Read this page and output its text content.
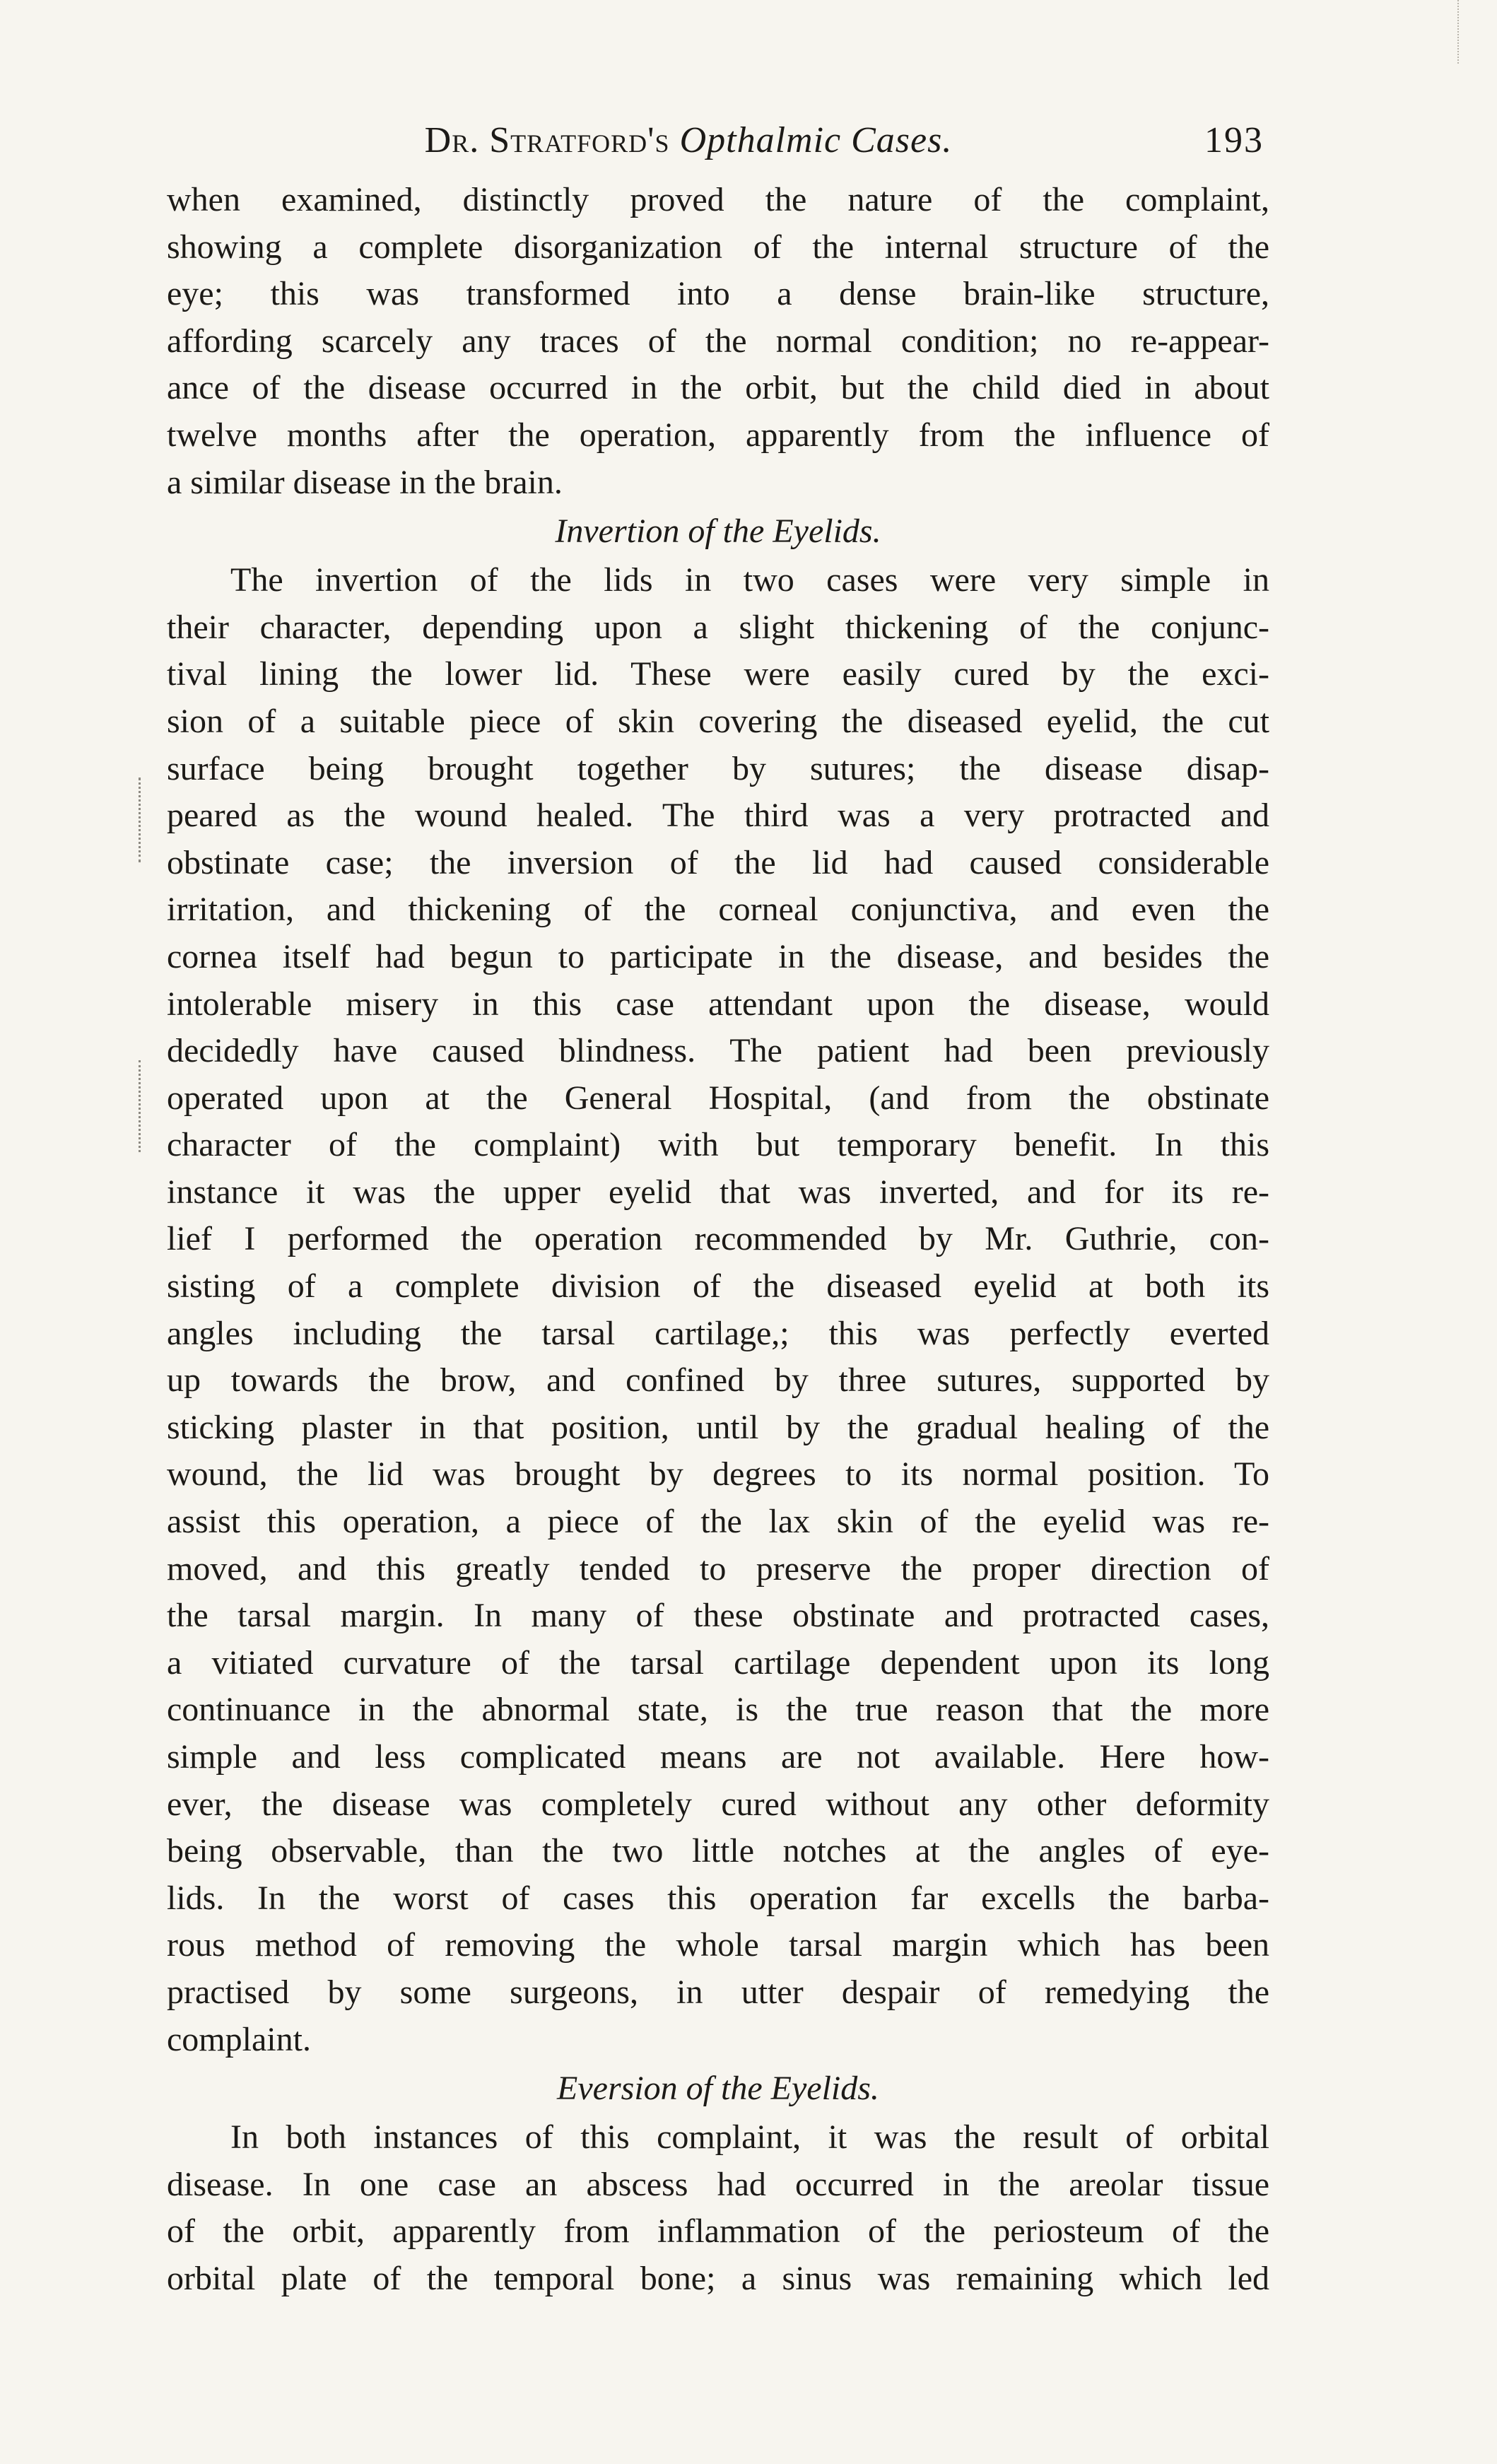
Dr. Stratford's Opthalmic Cases.	193

when examined, distinctly proved the nature of the complaint,
showing a complete disorganization of the internal structure of the
eye; this was transformed into a dense brain-like structure,
affording scarcely any traces of the normal condition; no re-appear-
ance of the disease occurred in the orbit, but the child died in about
twelve months after the operation, apparently from the influence of
a similar disease in the brain.

Invertion of the Eyelids.

The invertion of the lids in two cases were very simple in
their character, depending upon a slight thickening of the conjunc-
tival lining the lower lid. These were easily cured by the exci-
sion of a suitable piece of skin covering the diseased eyelid, the cut
surface being brought together by sutures; the disease disap-
peared as the wound healed. The third was a very protracted and
obstinate case; the inversion of the lid had caused considerable
irritation, and thickening of the corneal conjunctiva, and even the
cornea itself had begun to participate in the disease, and besides the
intolerable misery in this case attendant upon the disease, would
decidedly have caused blindness. The patient had been previously
operated upon at the General Hospital, (and from the obstinate
character of the complaint) with but temporary benefit. In this
instance it was the upper eyelid that was inverted, and for its re-
lief I performed the operation recommended by Mr. Guthrie, con-
sisting of a complete division of the diseased eyelid at both its
angles including the tarsal cartilage,; this was perfectly everted
up towards the brow, and confined by three sutures, supported by
sticking plaster in that position, until by the gradual healing of the
wound, the lid was brought by degrees to its normal position. To
assist this operation, a piece of the lax skin of the eyelid was re-
moved, and this greatly tended to preserve the proper direction of
the tarsal margin. In many of these obstinate and protracted cases,
a vitiated curvature of the tarsal cartilage dependent upon its long
continuance in the abnormal state, is the true reason that the more
simple and less complicated means are not available. Here how-
ever, the disease was completely cured without any other deformity
being observable, than the two little notches at the angles of eye-
lids. In the worst of cases this operation far excells the barba-
rous method of removing the whole tarsal margin which has been
practised by some surgeons, in utter despair of remedying the
complaint.

Eversion of the Eyelids.

In both instances of this complaint, it was the result of orbital
disease. In one case an abscess had occurred in the areolar tissue
of the orbit, apparently from inflammation of the periosteum of the
orbital plate of the temporal bone; a sinus was remaining which led
